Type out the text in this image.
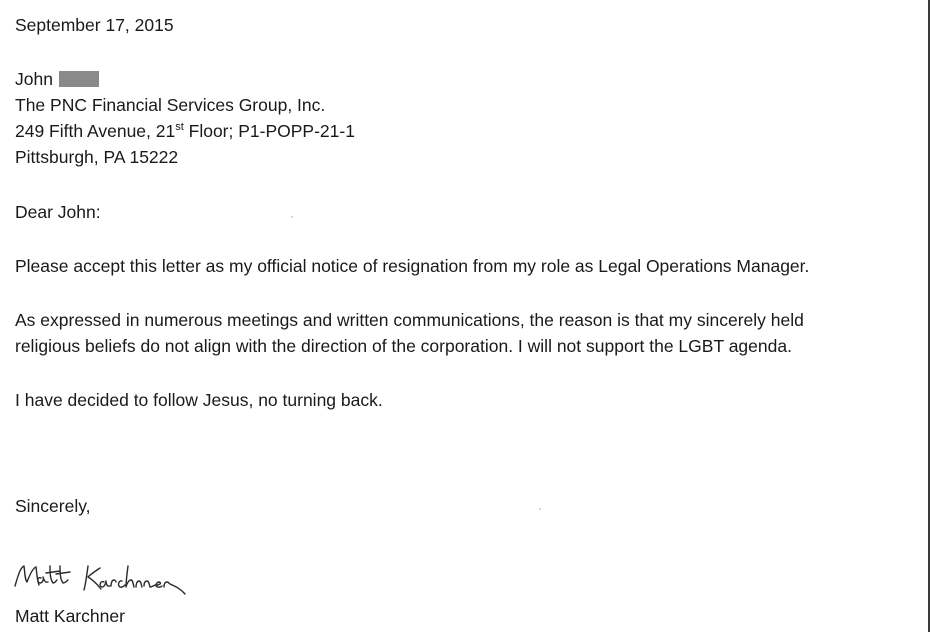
September 17, 2015
John
The PNC Financial Services Group, Inc.
249 Fifth Avenue, 21st Floor; P1-POPP-21-1
Pittsburgh, PA 15222
Dear John:
Please accept this letter as my official notice of resignation from my role as Legal Operations Manager.
As expressed in numerous meetings and written communications, the reason is that my sincerely held
religious beliefs do not align with the direction of the corporation. I will not support the LGBT agenda.
I have decided to follow Jesus, no turning back.
Sincerely,
Matt Karchner
